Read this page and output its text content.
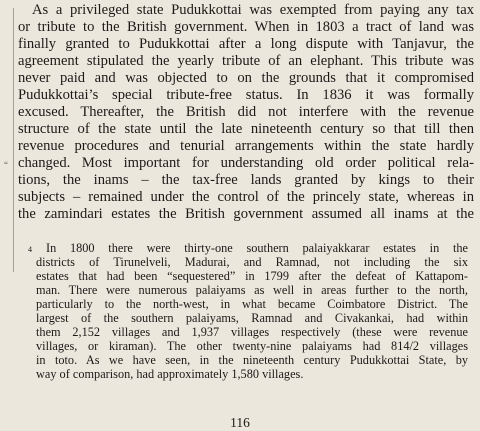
“
As a privileged state Pudukkottai was exempted from paying any tax
or tribute to the British government. When in 1803 a tract of land was
finally granted to Pudukkottai after a long dispute with Tanjavur, the
agreement stipulated the yearly tribute of an elephant. This tribute was
never paid and was objected to on the grounds that it compromised
Pudukkottai’s special tribute-free status. In 1836 it was formally
excused. Thereafter, the British did not interfere with the revenue
structure of the state until the late nineteenth century so that till then
revenue procedures and tenurial arrangements within the state hardly
changed. Most important for understanding old order political rela-
tions, the inams – the tax-free lands granted by kings to their
subjects – remained under the control of the princely state, whereas in
the zamindari estates the British government assumed all inams at the
4	In 1800 there were thirty-one southern palaiyakkarar estates in the
districts of Tirunelveli, Madurai, and Ramnad, not including the six
estates that had been “sequestered” in 1799 after the defeat of Kattapom-
man. There were numerous palaiyams as well in areas further to the north,
particularly to the north-west, in what became Coimbatore District. The
largest of the southern palaiyams, Ramnad and Civakankai, had within
them 2,152 villages and 1,937 villages respectively (these were revenue
villages, or kiraman). The other twenty-nine palaiyams had 814/2 villages
in toto. As we have seen, in the nineteenth century Pudukkottai State, by
way of comparison, had approximately 1,580 villages.
116
